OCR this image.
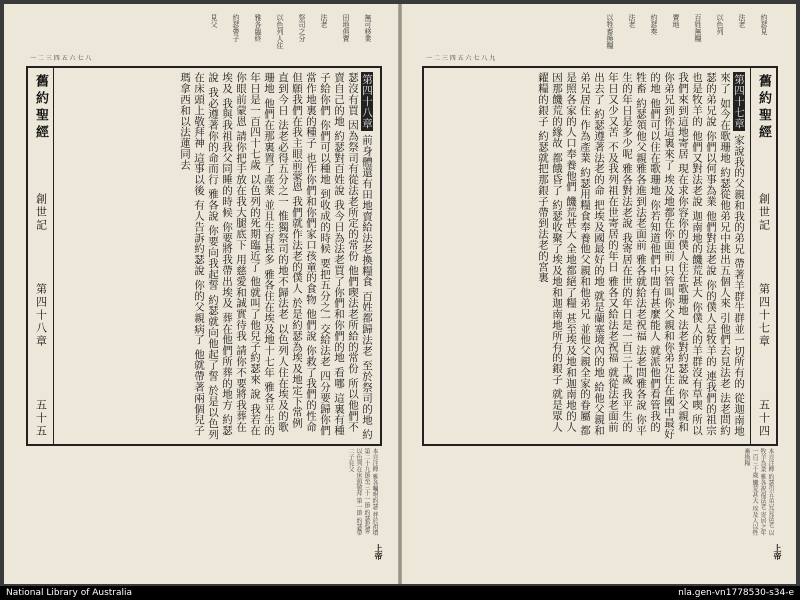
無可移業
田地俱賣
法老
祭司之分
以色列人住
雅各臨終
約瑟帶子
見父
一 二 三 四 五 六 七 八
舊約聖經
創世記
第四十八章
五十五
第四十八章 前身體還有田地賣給法老換糧食 百姓都歸法老 至於祭司的地 約瑟沒有買 因為祭司有從法老所定的常份 他們喫法老所給的常份 所以他們不賣自己的地 約瑟對百姓說 我今日為法老買了你們和你們的地 看哪 這裏有種子給你們 你們可以種地 到收成的時候 要把五分之一交給法老 四分要歸你們 當作地裏的種子 也作你們和你們家口孩童的食物 他們說 你救了我們的性命 但願我們在我主眼前蒙恩 我們就作法老的僕人 於是約瑟為埃及地定下常例 直到今日 法老必得五分之一 惟獨祭司的地不歸法老 以色列人住在埃及的歌珊地 他們在那裏置了產業 並且生育甚多 雅各住在埃及地十七年 雅各平生的年日是一百四十七歲 以色列的死期臨近了 他就叫了他兒子約瑟來 說 我若在你眼前蒙恩 請你把手放在我大腿底下 用慈愛和誠實待我 請你不要將我葬在埃及 我與我祖我父同睡的時候 你要將我帶出埃及 葬在他們所葬的地方 約瑟說 我必遵著你的命而行 雅各說 你要向我起誓 約瑟就向他起了誓 於是以色列在床頭上敬拜神 這事以後 有人告訴約瑟說 你的父親病了 他就帶著兩個兒子瑪拿西和以法蓮同去
本頁注釋 雅各囑咐約瑟 葬於祖墳 第二十九節至三十一節 約瑟起誓 以色列在床頭敬拜 第一節 約瑟帶二子見父
上帝
約瑟見
法老
以色列
百姓無糧
賣地
約瑟奏
法老
以牲畜換糧
一 二 三 四 五 六 七 八 九
第四十七章 家說我的父親和我的弟兄 帶著羊群牛群並一切所有的 從迦南地來了 如今在歌珊地 約瑟從他弟兄中挑出五個人來 引他們去見法老 法老問約瑟的弟兄說 你們以何事為業 他們對法老說 你的僕人是牧羊的 連我們的祖宗也是牧羊的 他們又對法老說 迦南地的饑荒甚大 你僕人的羊群沒有草喫 所以我們來到這地寄居 現在求你容你的僕人住在歌珊地 法老對約瑟說 你父親和你弟兄到你這裏來了 埃及地都在你面前 只管叫你父親和你弟兄住在國中最好的地 他們可以住在歌珊地 你若知道他們中間有甚麼能人 就派他們看管我的牲畜 約瑟領他父親雅各進到法老面前 雅各就給法老祝福 法老問雅各說 你平生的年日是多少呢 雅各對法老說 我寄居在世的年日是一百三十歲 我平生的年日又少又苦 不及我列祖在世寄居的年日 雅各又給法老祝福 就從法老面前出去了 約瑟遵著法老的命 把埃及國最好的地 就是蘭塞境內的地 給他父親和弟兄居住 作為產業 約瑟用糧食奉養他父親和他弟兄 並他父親全家的眷屬 都是照各家的人口奉養他們 饑荒甚大 全地都絕了糧 甚至埃及地和迦南地的人 因那饑荒的緣故 都餓昏了 約瑟收聚了埃及地和迦南地所有的銀子 就是眾人糴糧的銀子 約瑟就把那銀子帶到法老的宮裏	舊約聖經
創世記
第四十七章
五十四
本頁注釋 約瑟引五弟兄見法老 以牧羊為業 雅各祝福法老 寄居之年 一百三十歲 饑荒甚大 埃及人以牲畜換糧
上帝
National Library of Australia	nla.gen-vn1778530-s34-e
